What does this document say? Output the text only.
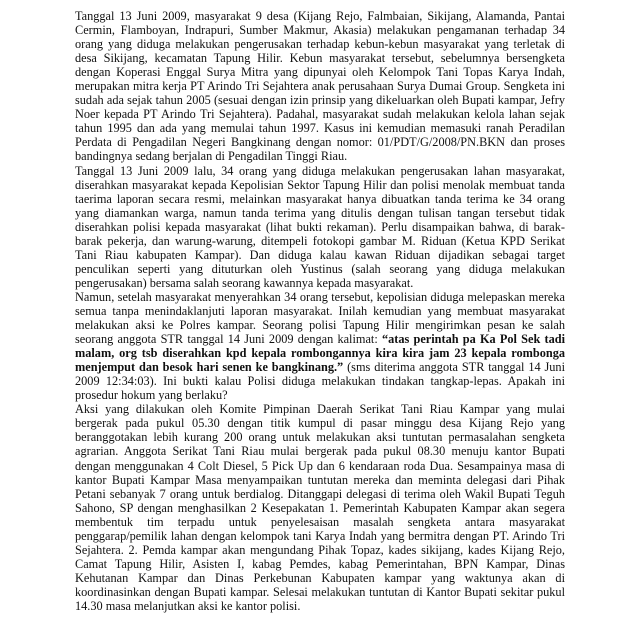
Tanggal 13 Juni 2009, masyarakat 9 desa (Kijang Rejo, Falmbaian, Sikijang, Alamanda, Pantai Cermin, Flamboyan, Indrapuri, Sumber Makmur, Akasia) melakukan pengamanan terhadap 34 orang yang diduga melakukan pengerusakan terhadap kebun-kebun masyarakat yang terletak di desa Sikijang, kecamatan Tapung Hilir. Kebun masyarakat tersebut, sebelumnya bersengketa dengan Koperasi Enggal Surya Mitra yang dipunyai oleh Kelompok Tani Topas Karya Indah, merupakan mitra kerja PT Arindo Tri Sejahtera anak perusahaan Surya Dumai Group. Sengketa ini sudah ada sejak tahun 2005 (sesuai dengan izin prinsip yang dikeluarkan oleh Bupati kampar, Jefry Noer kepada PT Arindo Tri Sejahtera). Padahal, masyarakat sudah melakukan kelola lahan sejak tahun 1995 dan ada yang memulai tahun 1997. Kasus ini kemudian memasuki ranah Peradilan Perdata di Pengadilan Negeri Bangkinang dengan nomor: 01/PDT/G/2008/PN.BKN dan proses bandingnya sedang berjalan di Pengadilan Tinggi Riau.

Tanggal 13 Juni 2009 lalu, 34 orang yang diduga melakukan pengerusakan lahan masyarakat, diserahkan masyarakat kepada Kepolisian Sektor Tapung Hilir dan polisi menolak membuat tanda taerima laporan secara resmi, melainkan masyarakat hanya dibuatkan tanda terima ke 34 orang yang diamankan warga, namun tanda terima yang ditulis dengan tulisan tangan tersebut tidak diserahkan polisi kepada masyarakat (lihat bukti rekaman). Perlu disampaikan bahwa, di barak-barak pekerja, dan warung-warung, ditempeli fotokopi gambar M. Riduan (Ketua KPD Serikat Tani Riau kabupaten Kampar). Dan diduga kalau kawan Riduan dijadikan sebagai target penculikan seperti yang dituturkan oleh Yustinus (salah seorang yang diduga melakukan pengerusakan) bersama salah seorang kawannya kepada masyarakat.

Namun, setelah masyarakat menyerahkan 34 orang tersebut, kepolisian diduga melepaskan mereka semua tanpa menindaklanjuti laporan masyarakat. Inilah kemudian yang membuat masyarakat melakukan aksi ke Polres kampar. Seorang polisi Tapung Hilir mengirimkan pesan ke salah seorang anggota STR tanggal 14 Juni 2009 dengan kalimat: “atas perintah pa Ka Pol Sek tadi malam, org tsb diserahkan kpd kepala rombongannya kira kira jam 23 kepala rombonga menjemput dan besok hari senen ke bangkinang.” (sms diterima anggota STR tanggal 14 Juni 2009 12:34:03). Ini bukti kalau Polisi diduga melakukan tindakan tangkap-lepas. Apakah ini prosedur hokum yang berlaku?

Aksi yang dilakukan oleh Komite Pimpinan Daerah Serikat Tani Riau Kampar yang mulai bergerak pada pukul 05.30 dengan titik kumpul di pasar minggu desa Kijang Rejo yang beranggotakan lebih kurang 200 orang untuk melakukan aksi tuntutan permasalahan sengketa agrarian. Anggota Serikat Tani Riau mulai bergerak pada pukul 08.30 menuju kantor Bupati dengan menggunakan 4 Colt Diesel, 5 Pick Up dan 6 kendaraan roda Dua. Sesampainya masa di kantor Bupati Kampar Masa menyampaikan tuntutan mereka dan meminta delegasi dari Pihak Petani sebanyak 7 orang untuk berdialog. Ditanggapi delegasi di terima oleh Wakil Bupati Teguh Sahono, SP dengan menghasilkan 2 Kesepakatan 1. Pemerintah Kabupaten Kampar akan segera membentuk tim terpadu untuk penyelesaisan masalah sengketa antara masyarakat penggarap/pemilik lahan dengan kelompok tani Karya Indah yang bermitra dengan PT. Arindo Tri Sejahtera. 2. Pemda kampar akan mengundang Pihak Topaz, kades sikijang, kades Kijang Rejo, Camat Tapung Hilir, Asisten I, kabag Pemdes, kabag Pemerintahan, BPN Kampar, Dinas Kehutanan Kampar dan Dinas Perkebunan Kabupaten kampar yang waktunya akan di koordinasinkan dengan Bupati kampar. Selesai melakukan tuntutan di Kantor Bupati sekitar pukul 14.30 masa melanjutkan aksi ke kantor polisi.
